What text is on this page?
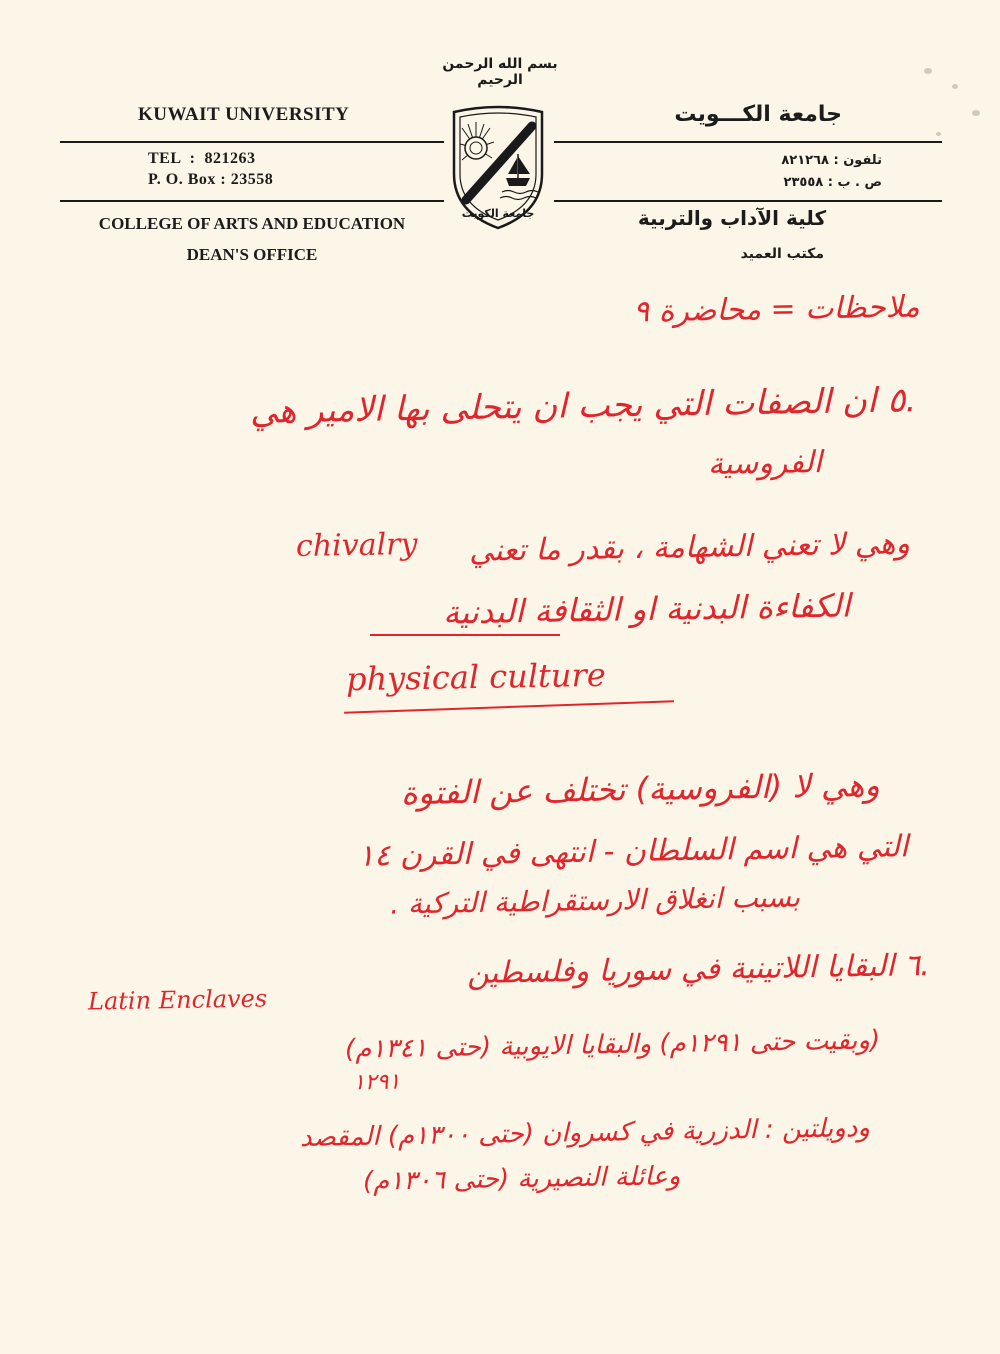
بسم الله الرحمن الرحيم
KUWAIT UNIVERSITY	جامعة الكـــويت
TEL  :  821263
P. O. Box : 23558
تلفون : ٨٢١٢٦٨
ص . ب : ٢٣٥٥٨
COLLEGE OF ARTS AND EDUCATION
DEAN'S OFFICE
كلية الآداب والتربية
مكتب العميد
جامعة الكويت
ملاحظات = محاضرة ٩
.٥ ان الصفات التي يجب ان يتحلى بها الامير هي
الفروسية
وهي لا تعني الشهامة ، بقدر ما تعني
chivalry
الكفاءة البدنية او الثقافة البدنية
physical culture
وهي لا (الفروسية) تختلف عن الفتوة
التي هي اسم السلطان - انتهى في القرن ١٤
بسبب انغلاق الارستقراطية التركية .
.٦ البقايا اللاتينية في سوريا وفلسطين
Latin Enclaves
(وبقيت حتى ١٢٩١م) والبقايا الايوبية (حتى ١٣٤١م)
١٢٩١
ودويلتين : الدزرية في كسروان (حتى ١٣٠٠م) المقصد
وعائلة النصيرية (حتى ١٣٠٦م)
